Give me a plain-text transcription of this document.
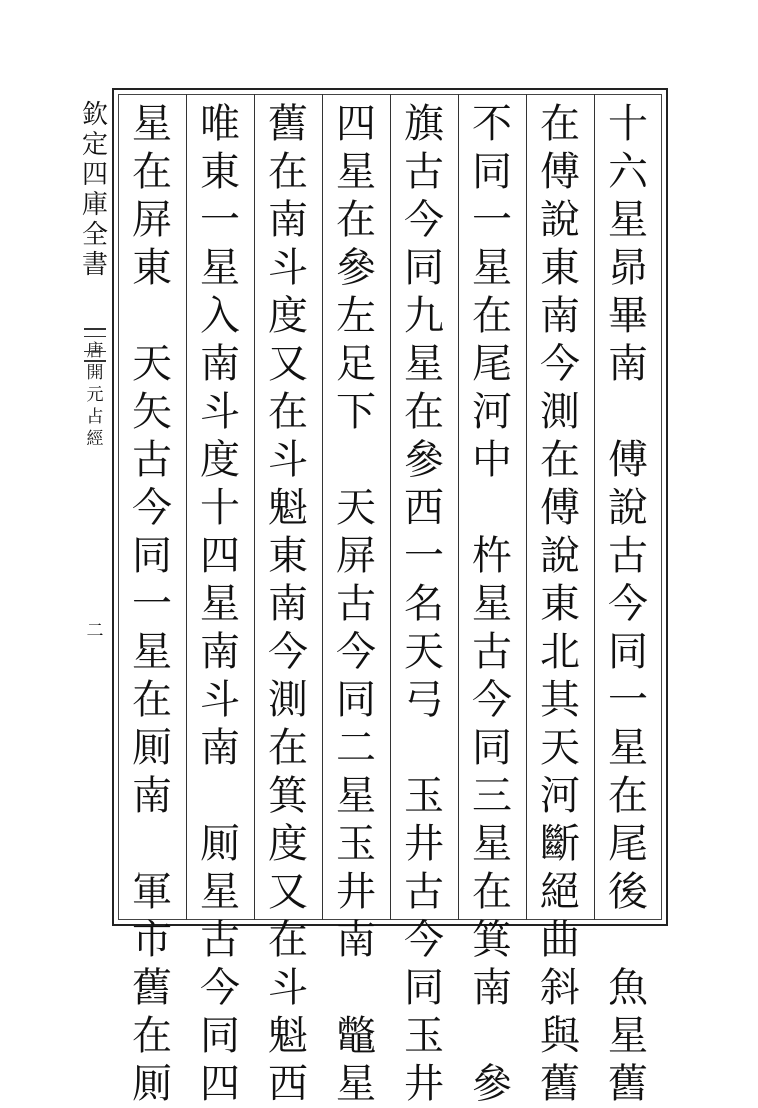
欽
定
四
庫
全
書
唐
開
元
占
經
二
十
六
星
昴
畢
南
傅
說
古
今
同
一
星
在
尾
後
魚
星
舊
在
傅
說
東
南
今
測
在
傅
說
東
北
其
天
河
斷
絕
曲
斜
與
舊
不
同
一
星
在
尾
河
中
杵
星
古
今
同
三
星
在
箕
南
參
旗
古
今
同
九
星
在
參
西
一
名
天
弓
玉
井
古
今
同
玉
井
四
星
在
參
左
足
下
天
屏
古
今
同
二
星
玉
井
南
鼈
星
舊
在
南
斗
度
又
在
斗
魁
東
南
今
測
在
箕
度
又
在
斗
魁
西
唯
東
一
星
入
南
斗
度
十
四
星
南
斗
南
厠
星
古
今
同
四
星
在
屏
東
天
矢
古
今
同
一
星
在
厠
南
軍
市
舊
在
厠
